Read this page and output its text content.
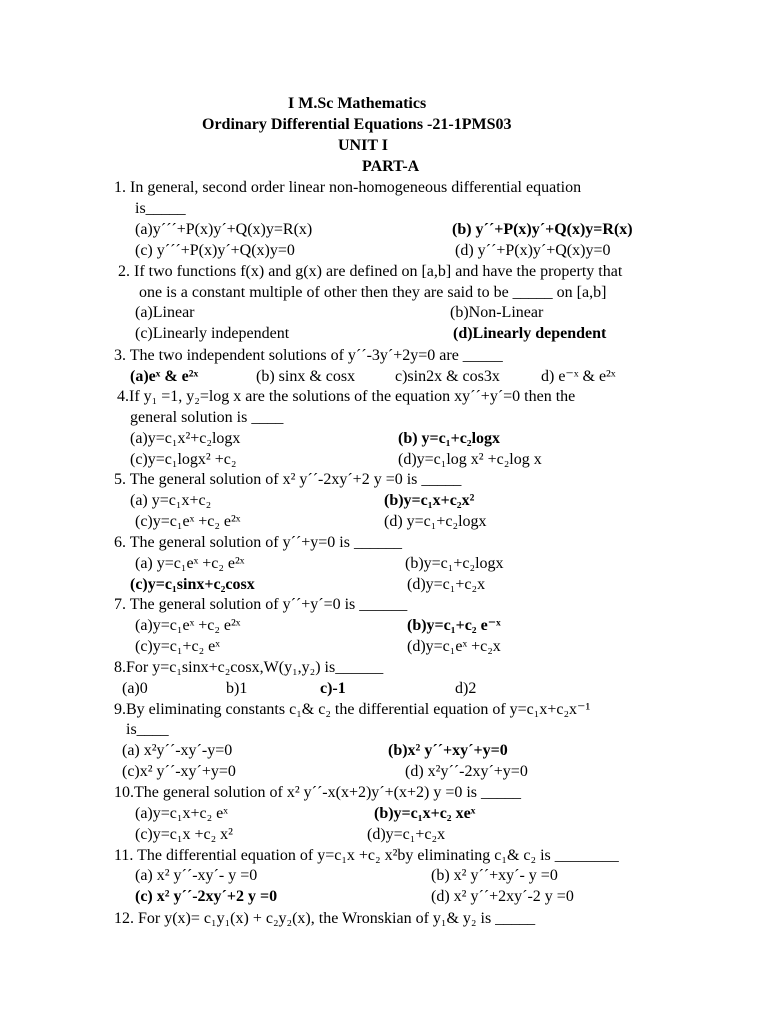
I M.Sc Mathematics
Ordinary Differential Equations -21-1PMS03
UNIT I
PART-A
1. In general, second order linear non-homogeneous differential equation
is_____
(a)y´´´+P(x)y´+Q(x)y=R(x)	(b) y´´+P(x)y´+Q(x)y=R(x)
(c) y´´´+P(x)y´+Q(x)y=0	(d) y´´+P(x)y´+Q(x)y=0
2. If two functions f(x) and g(x) are defined on [a,b] and have the property that
one is a constant multiple of other then they are said to be _____ on [a,b]
(a)Linear	(b)Non-Linear
(c)Linearly independent	(d)Linearly dependent
3. The two independent solutions of y´´-3y´+2y=0 are _____
(a)eˣ & e²ˣ	(b) sinx & cosx c)sin2x & cos3x	d) e⁻ˣ & e²ˣ
4.If y₁ =1, y₂=log x are the solutions of the equation xy´´+y´=0 then the
general solution is ____
(a)y=c₁x²+c₂logx	(b) y=c₁+c₂logx
(c)y=c₁logx² +c₂	(d)y=c₁log x² +c₂log x
5. The general solution of x² y´´-2xy´+2 y =0 is _____
(a) y=c₁x+c₂	(b)y=c₁x+c₂x²
(c)y=c₁eˣ +c₂ e²ˣ	(d) y=c₁+c₂logx
6. The general solution of y´´+y=0 is ______
(a) y=c₁eˣ +c₂ e²ˣ	(b)y=c₁+c₂logx
(c)y=c₁sinx+c₂cosx	(d)y=c₁+c₂x
7. The general solution of y´´+y´=0 is ______
(a)y=c₁eˣ +c₂ e²ˣ	(b)y=c₁+c₂ e⁻ˣ
(c)y=c₁+c₂ eˣ	(d)y=c₁eˣ +c₂x
8.For y=c₁sinx+c₂cosx,W(y₁,y₂) is______
(a)0	b)1	c)-1	d)2
9.By eliminating constants c₁& c₂ the differential equation of y=c₁x+c₂x⁻¹
is____
(a) x²y´´-xy´-y=0	(b)x² y´´+xy´+y=0
(c)x² y´´-xy´+y=0	(d) x²y´´-2xy´+y=0
10.The general solution of x² y´´-x(x+2)y´+(x+2) y =0 is _____
(a)y=c₁x+c₂ eˣ	(b)y=c₁x+c₂ xeˣ
(c)y=c₁x +c₂ x²	(d)y=c₁+c₂x
11. The differential equation of y=c₁x +c₂ x²by eliminating c₁& c₂ is ________
(a) x² y´´-xy´- y =0	(b) x² y´´+xy´- y =0
(c) x² y´´-2xy´+2 y =0	(d) x² y´´+2xy´-2 y =0
12. For y(x)= c₁y₁(x) + c₂y₂(x), the Wronskian of y₁& y₂ is _____
